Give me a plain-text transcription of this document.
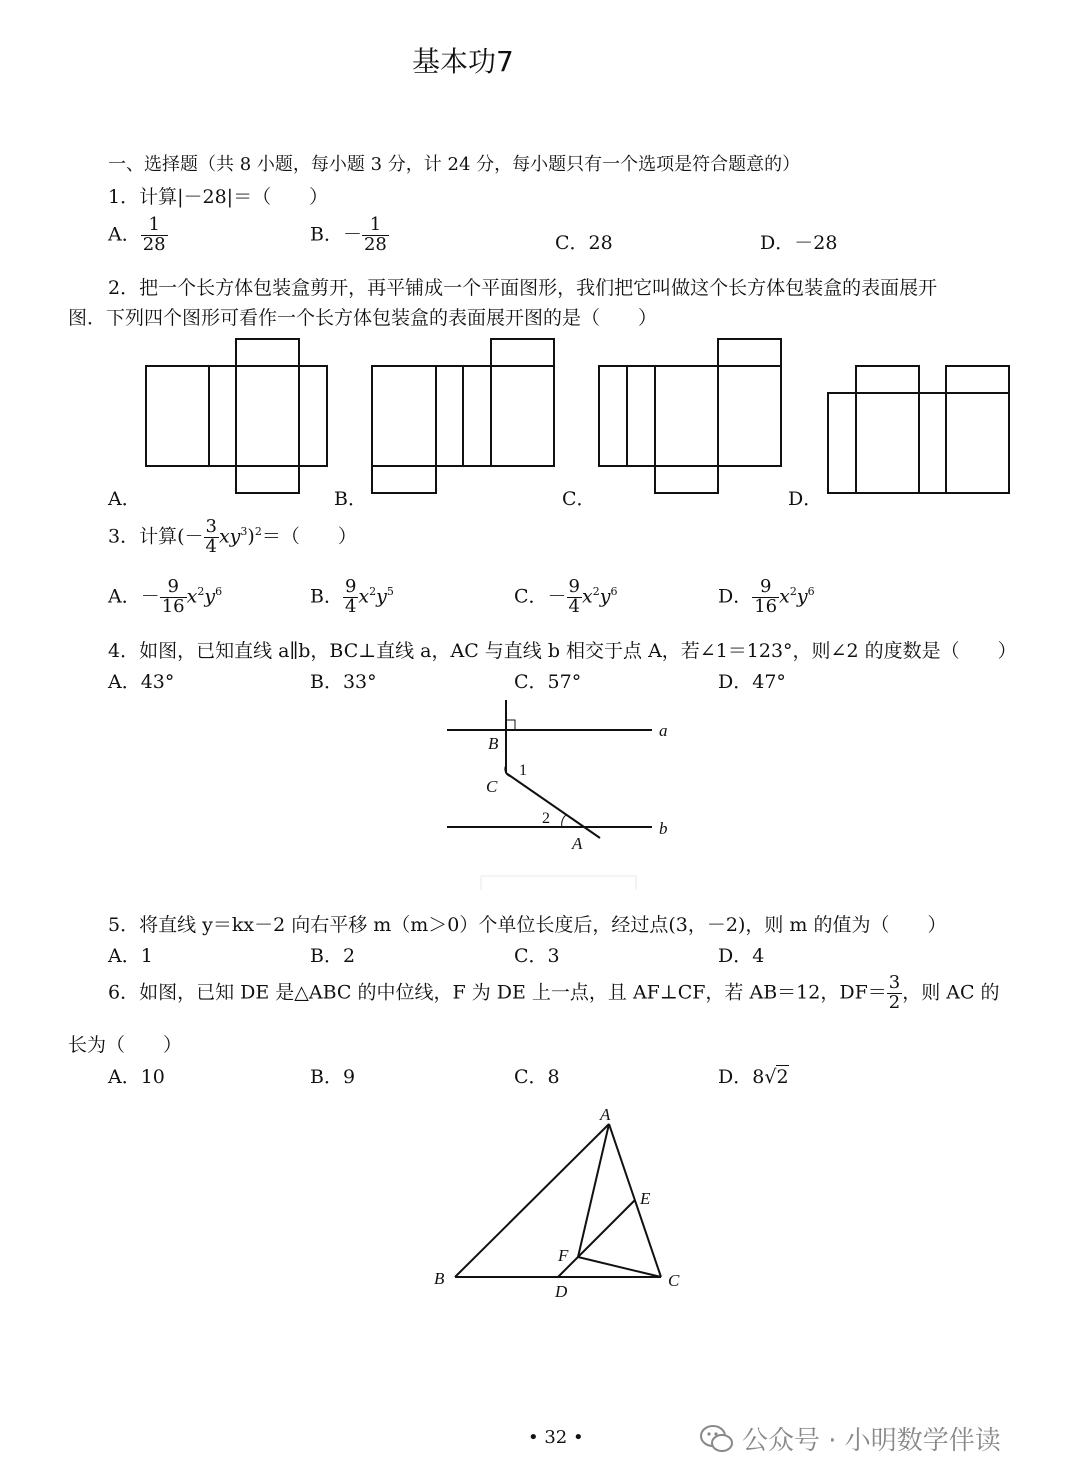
基本功7
一、选择题（共 8 小题，每小题 3 分，计 24 分，每小题只有一个选项是符合题意的）
1．计算|－28|＝（　　）
A． $\frac{1}{28}$	B．－ $\frac{1}{28}$	C．28	D．－28
2．把一个长方体包装盒剪开，再平铺成一个平面图形，我们把它叫做这个长方体包装盒的表面展开
图．下列四个图形可看作一个长方体包装盒的表面展开图的是（　　）
A．	B．	C．	D．
3．计算(－ $\frac{3}{4} xy^3)^2=$（　　）
A．－ $\frac{9}{16} x^2y^6$	B． $\frac{9}{4} x^2y^5$	C．－ $\frac{9}{4} x^2y^6$	D． $\frac{9}{16} x^2y^6$
4．如图，已知直线 a∥b，BC⊥直线 a，AC 与直线 b 相交于点 A，若∠1＝123°，则∠2 的度数是（　　）
A．43°	B．33°	C．57°	D．47°
a
b
B
C
A
1
2
5．将直线 y＝kx－2 向右平移 m（m＞0）个单位长度后，经过点(3，－2)，则 m 的值为（　　）
A．1	B．2	C．3	D．4
6．如图，已知 DE 是△ABC 的中位线，F 为 DE 上一点，且 AF⊥CF，若 AB＝12，$DF= \frac{3}{2}$ ，则 AC 的
长为（　　）
A．10	B．9	C．8	D．8√2
A
B	C
D
E
F
• 32 •	公众号 · 小明数学伴读
